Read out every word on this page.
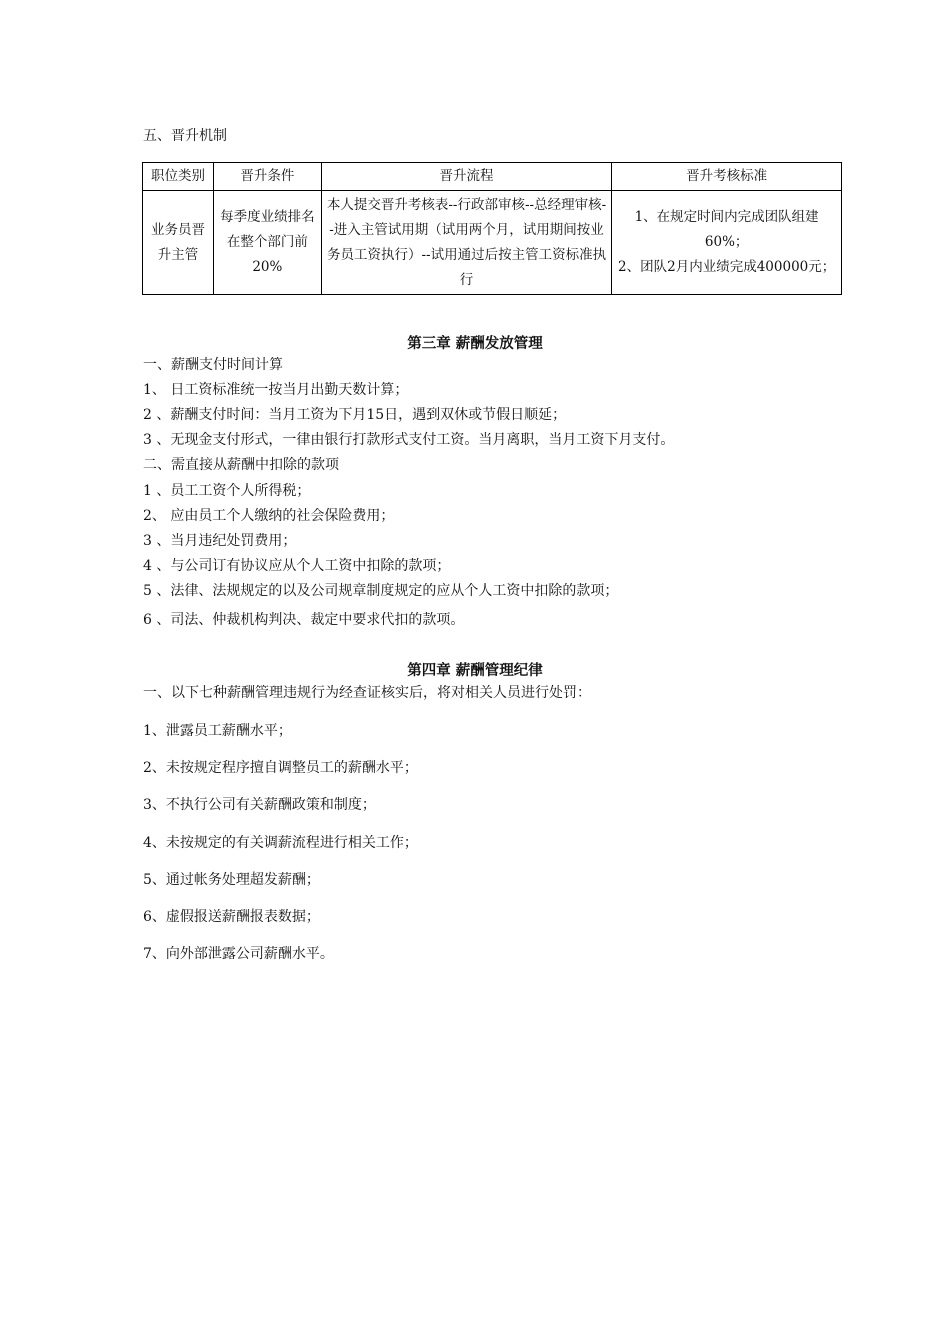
五、晋升机制
职位类别	晋升条件	晋升流程	晋升考核标准
业务员晋升主管	每季度业绩排名在整个部门前20%	本人提交晋升考核表--行政部审核--总经理审核--进入主管试用期（试用两个月，试用期间按业务员工资执行）--试用通过后按主管工资标准执行	1、在规定时间内完成团队组建60%；
2、团队2月内业绩完成400000元；
第三章 薪酬发放管理
一、薪酬支付时间计算
1、 日工资标准统一按当月出勤天数计算；
2 、薪酬支付时间：当月工资为下月15日，遇到双休或节假日顺延；
3 、无现金支付形式，一律由银行打款形式支付工资。当月离职，当月工资下月支付。
二、需直接从薪酬中扣除的款项
1 、员工工资个人所得税；
2、 应由员工个人缴纳的社会保险费用；
3 、当月违纪处罚费用；
4 、与公司订有协议应从个人工资中扣除的款项；
5 、法律、法规规定的以及公司规章制度规定的应从个人工资中扣除的款项；
6 、司法、仲裁机构判决、裁定中要求代扣的款项。
第四章 薪酬管理纪律
一、以下七种薪酬管理违规行为经查证核实后，将对相关人员进行处罚：
1、泄露员工薪酬水平；
2、未按规定程序擅自调整员工的薪酬水平；
3、不执行公司有关薪酬政策和制度；
4、未按规定的有关调薪流程进行相关工作；
5、通过帐务处理超发薪酬；
6、虚假报送薪酬报表数据；
7、向外部泄露公司薪酬水平。
